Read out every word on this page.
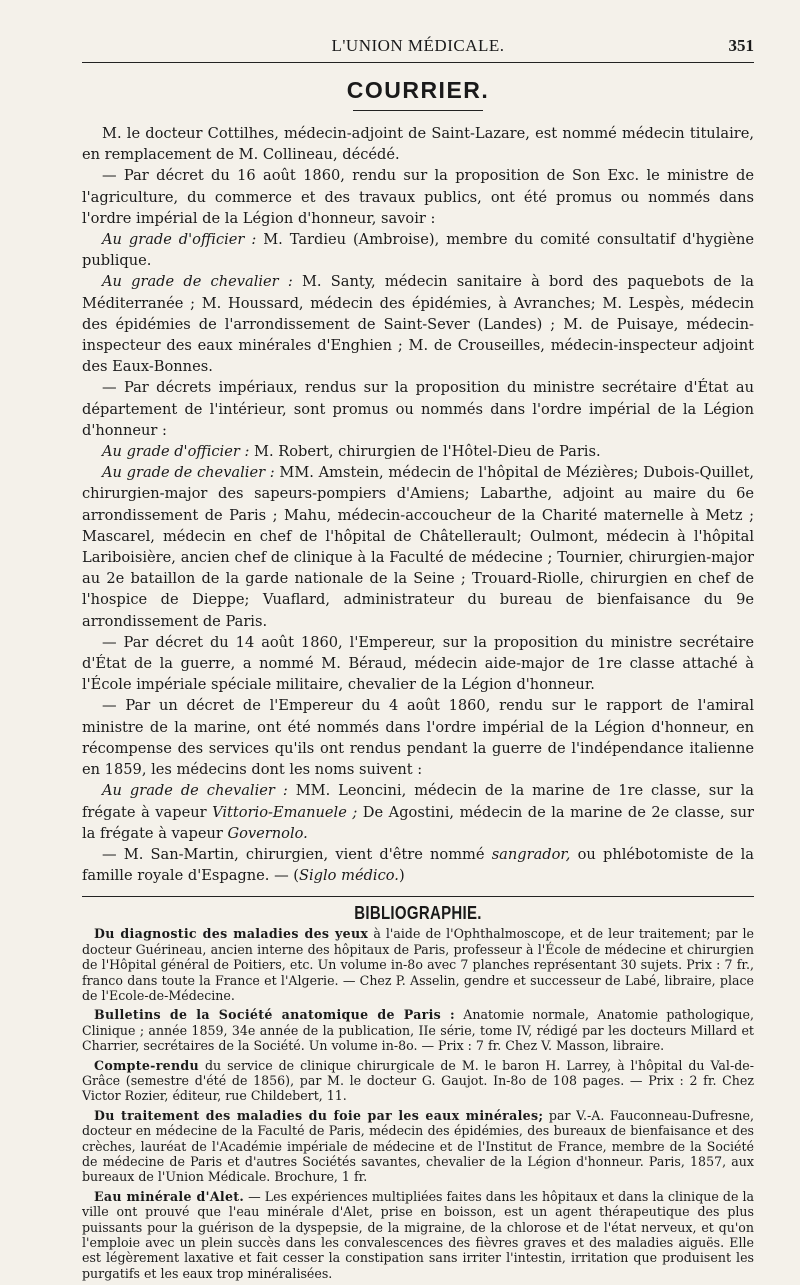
L'UNION MÉDICALE.	351
COURRIER.

M. le docteur Cottilhes, médecin-adjoint de Saint-Lazare, est nommé médecin titulaire, en remplacement de M. Collineau, décédé.

— Par décret du 16 août 1860, rendu sur la proposition de Son Exc. le ministre de l'agriculture, du commerce et des travaux publics, ont été promus ou nommés dans l'ordre impérial de la Légion d'honneur, savoir :

Au grade d'officier : M. Tardieu (Ambroise), membre du comité consultatif d'hygiène publique.

Au grade de chevalier : M. Santy, médecin sanitaire à bord des paquebots de la Méditerranée ; M. Houssard, médecin des épidémies, à Avranches; M. Lespès, médecin des épidémies de l'arrondissement de Saint-Sever (Landes) ; M. de Puisaye, médecin-inspecteur des eaux minérales d'Enghien ; M. de Crouseilles, médecin-inspecteur adjoint des Eaux-Bonnes.

— Par décrets impériaux, rendus sur la proposition du ministre secrétaire d'État au département de l'intérieur, sont promus ou nommés dans l'ordre impérial de la Légion d'honneur :

Au grade d'officier : M. Robert, chirurgien de l'Hôtel-Dieu de Paris.

Au grade de chevalier : MM. Amstein, médecin de l'hôpital de Mézières; Dubois-Quillet, chirurgien-major des sapeurs-pompiers d'Amiens; Labarthe, adjoint au maire du 6e arrondissement de Paris ; Mahu, médecin-accoucheur de la Charité maternelle à Metz ; Mascarel, médecin en chef de l'hôpital de Châtellerault; Oulmont, médecin à l'hôpital Lariboisière, ancien chef de clinique à la Faculté de médecine ; Tournier, chirurgien-major au 2e bataillon de la garde nationale de la Seine ; Trouard-Riolle, chirurgien en chef de l'hospice de Dieppe; Vuaflard, administrateur du bureau de bienfaisance du 9e arrondissement de Paris.

— Par décret du 14 août 1860, l'Empereur, sur la proposition du ministre secrétaire d'État de la guerre, a nommé M. Béraud, médecin aide-major de 1re classe attaché à l'École impériale spéciale militaire, chevalier de la Légion d'honneur.

— Par un décret de l'Empereur du 4 août 1860, rendu sur le rapport de l'amiral ministre de la marine, ont été nommés dans l'ordre impérial de la Légion d'honneur, en récompense des services qu'ils ont rendus pendant la guerre de l'indépendance italienne en 1859, les médecins dont les noms suivent :

Au grade de chevalier : MM. Leoncini, médecin de la marine de 1re classe, sur la frégate à vapeur Vittorio-Emanuele ; De Agostini, médecin de la marine de 2e classe, sur la frégate à vapeur Governolo.

— M. San-Martin, chirurgien, vient d'être nommé sangrador, ou phlébotomiste de la famille royale d'Espagne. — (Siglo médico.)

BIBLIOGRAPHIE.

Du diagnostic des maladies des yeux à l'aide de l'Ophthalmoscope, et de leur traitement; par le docteur Guérineau, ancien interne des hôpitaux de Paris, professeur à l'École de médecine et chirurgien de l'Hôpital général de Poitiers, etc. Un volume in-8o avec 7 planches représentant 30 sujets. Prix : 7 fr., franco dans toute la France et l'Algerie. — Chez P. Asselin, gendre et successeur de Labé, libraire, place de l'Ecole-de-Médecine.

Bulletins de la Société anatomique de Paris : Anatomie normale, Anatomie pathologique, Clinique ; année 1859, 34e année de la publication, IIe série, tome IV, rédigé par les docteurs Millard et Charrier, secrétaires de la Société. Un volume in-8o. — Prix : 7 fr. Chez V. Masson, libraire.

Compte-rendu du service de clinique chirurgicale de M. le baron H. Larrey, à l'hôpital du Val-de-Grâce (semestre d'été de 1856), par M. le docteur G. Gaujot. In-8o de 108 pages. — Prix : 2 fr. Chez Victor Rozier, éditeur, rue Childebert, 11.

Du traitement des maladies du foie par les eaux minérales; par V.-A. Fauconneau-Dufresne, docteur en médecine de la Faculté de Paris, médecin des épidémies, des bureaux de bienfaisance et des crèches, lauréat de l'Académie impériale de médecine et de l'Institut de France, membre de la Société de médecine de Paris et d'autres Sociétés savantes, chevalier de la Légion d'honneur. Paris, 1857, aux bureaux de l'Union Médicale. Brochure, 1 fr.

Eau minérale d'Alet. — Les expériences multipliées faites dans les hôpitaux et dans la clinique de la ville ont prouvé que l'eau minérale d'Alet, prise en boisson, est un agent thérapeutique des plus puissants pour la guérison de la dyspepsie, de la migraine, de la chlorose et de l'état nerveux, et qu'on l'emploie avec un plein succès dans les convalescences des fièvres graves et des maladies aiguës. Elle est légèrement laxative et fait cesser la constipation sans irriter l'intestin, irritation que produisent les purgatifs et les eaux trop minéralisées.
